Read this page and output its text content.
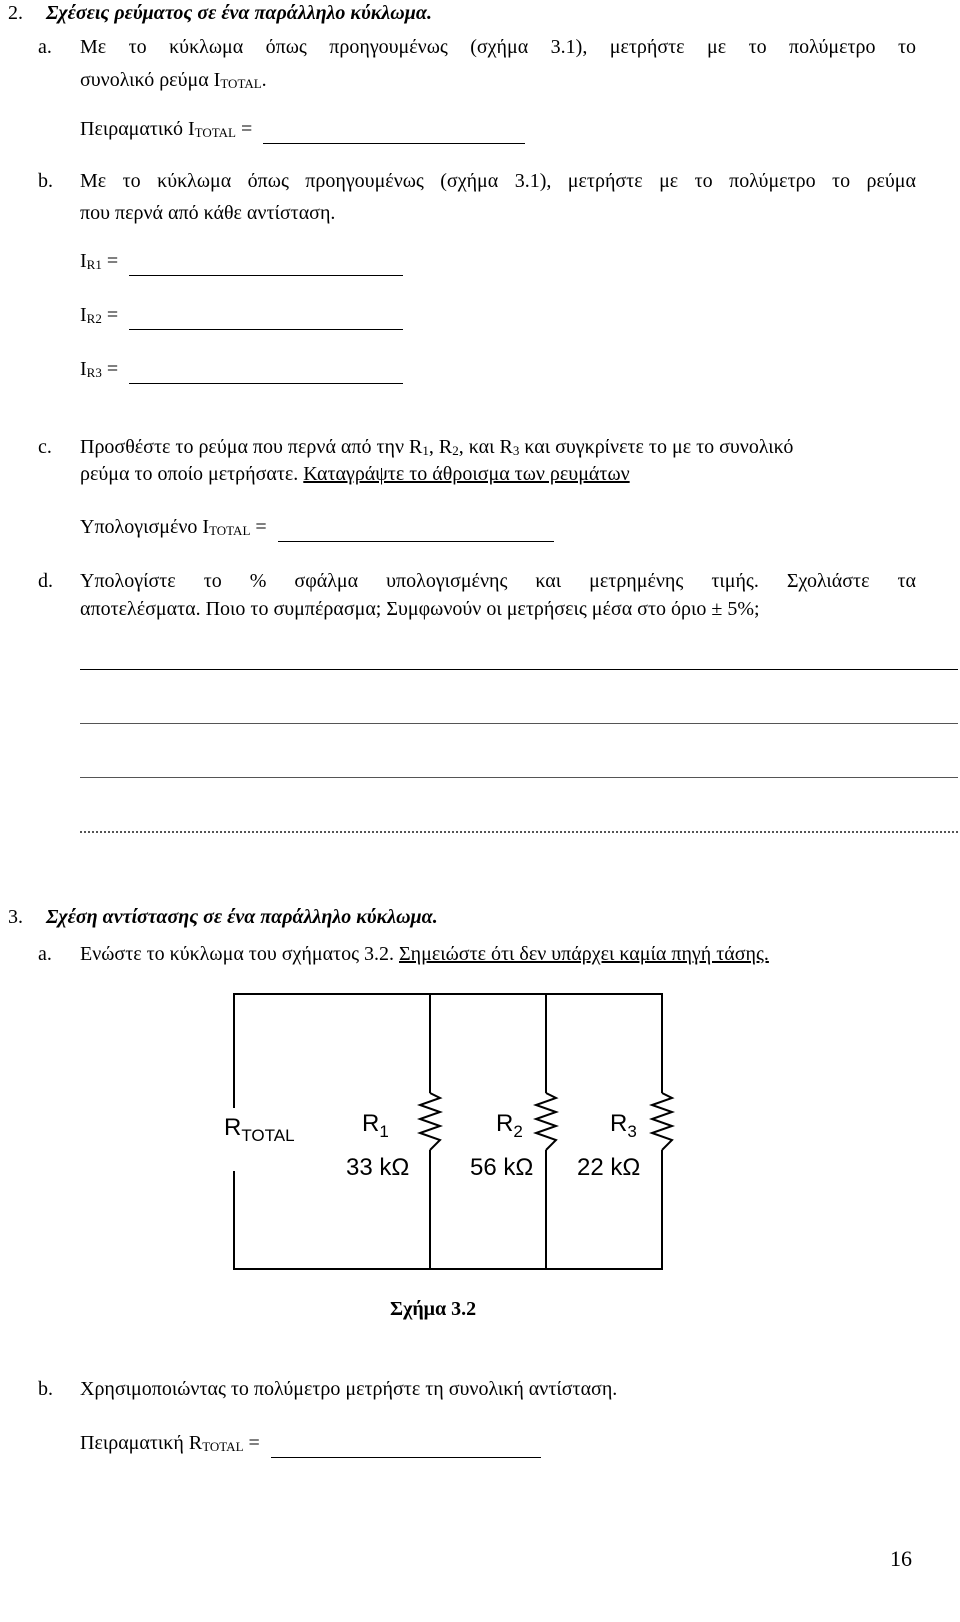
2. Σχέσεις ρεύματος σε ένα παράλληλο κύκλωμα.
a. Με το κύκλωμα όπως προηγουμένως (σχήμα 3.1), μετρήστε με το πολύμετρο το
συνολικό ρεύμα ITOTAL.
Πειραματικό ITOTAL =
b. Με το κύκλωμα όπως προηγουμένως (σχήμα 3.1), μετρήστε με το πολύμετρο το ρεύμα
που περνά από κάθε αντίσταση.
IR1 =
IR2 =
IR3 =
c. Προσθέστε το ρεύμα που περνά από την R1, R2, και R3 και συγκρίνετε το με το συνολικό
ρεύμα το οποίο μετρήσατε. Καταγράψτε το άθροισμα των ρευμάτων
Υπολογισμένο ITOTAL =
d. Υπολογίστε το % σφάλμα υπολογισμένης και μετρημένης τιμής. Σχολιάστε τα
αποτελέσματα. Ποιο το συμπέρασμα; Συμφωνούν οι μετρήσεις μέσα στο όριο ± 5%;
3. Σχέση αντίστασης σε ένα παράλληλο κύκλωμα.
a. Ενώστε το κύκλωμα του σχήματος 3.2. Σημειώστε ότι δεν υπάρχει καμία πηγή τάσης.
$R_{TOTAL}$	$R_1$
33 kΩ
$R_2$
56 kΩ
$R_3$
22 kΩ
Σχήμα 3.2
b. Χρησιμοποιώντας το πολύμετρο μετρήστε τη συνολική αντίσταση.
Πειραματική RTOTAL =
16
